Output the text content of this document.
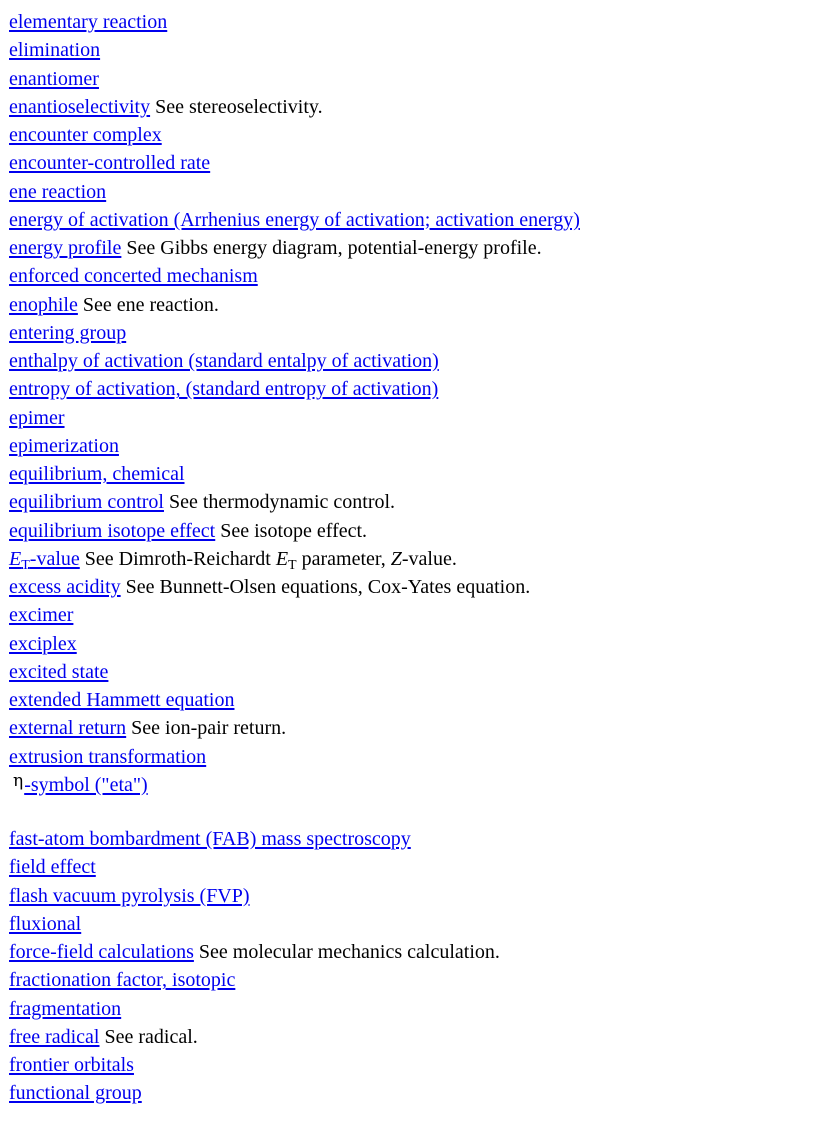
elementary reaction
elimination
enantiomer
enantioselectivity See stereoselectivity.
encounter complex
encounter-controlled rate
ene reaction
energy of activation (Arrhenius energy of activation; activation energy)
energy profile See Gibbs energy diagram, potential-energy profile.
enforced concerted mechanism
enophile See ene reaction.
entering group
enthalpy of activation (standard entalpy of activation)
entropy of activation, (standard entropy of activation)
epimer
epimerization
equilibrium, chemical
equilibrium control See thermodynamic control.
equilibrium isotope effect See isotope effect.
$E_T$-value See Dimroth-Reichardt $E_T$ parameter, Z-value.
excess acidity See Bunnett-Olsen equations, Cox-Yates equation.
excimer
exciplex
excited state
extended Hammett equation
external return See ion-pair return.
extrusion transformation
$^\eta$-symbol ("eta")
fast-atom bombardment (FAB) mass spectroscopy
field effect
flash vacuum pyrolysis (FVP)
fluxional
force-field calculations See molecular mechanics calculation.
fractionation factor, isotopic
fragmentation
free radical See radical.
frontier orbitals
functional group
